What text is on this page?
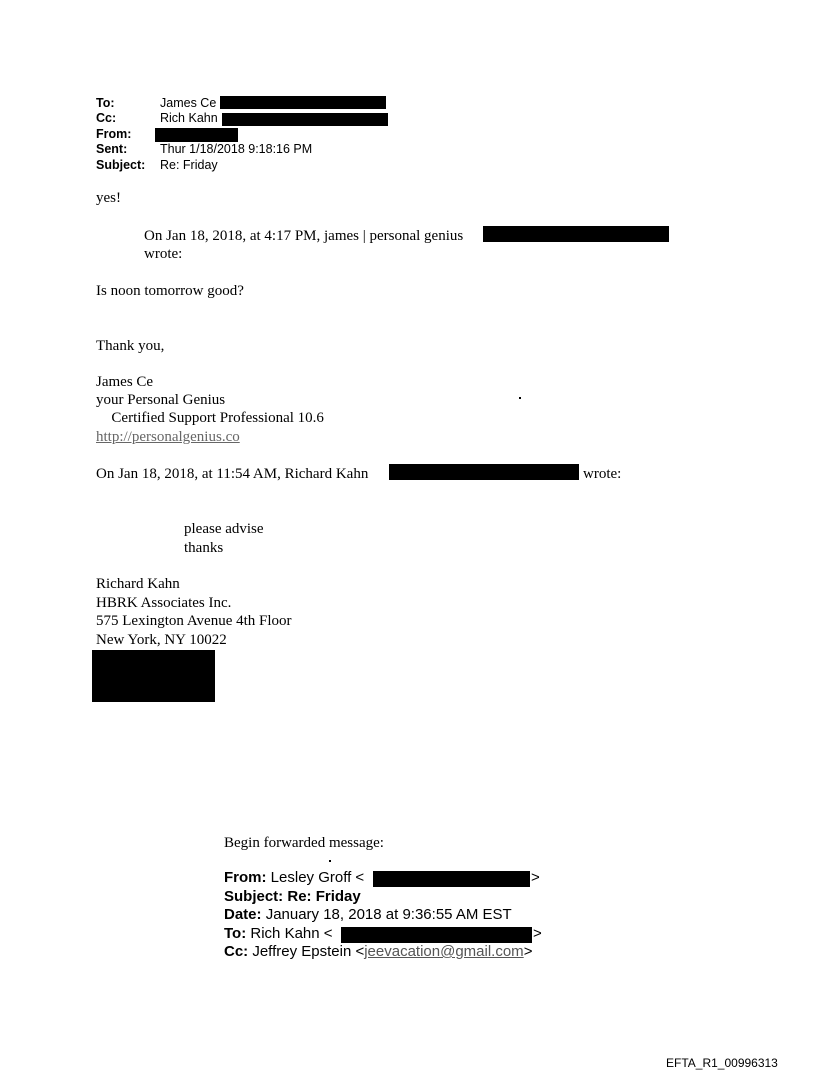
To:	James Ce
Cc:	Rich Kahn
From:
Sent:	Thur 1/18/2018 9:18:16 PM
Subject: Re: Friday
yes!
On Jan 18, 2018, at 4:17 PM, james | personal genius
wrote:
Is noon tomorrow good?
Thank you,
James Ce
your Personal Genius
Certified Support Professional 10.6
http://personalgenius.co
On Jan 18, 2018, at 11:54 AM, Richard Kahn	wrote:
please advise
thanks
Richard Kahn
HBRK Associates Inc.
575 Lexington Avenue 4th Floor
New York, NY 10022
Begin forwarded message:
From: Lesley Groff <	>
Subject: Re: Friday
Date: January 18, 2018 at 9:36:55 AM EST
To: Rich Kahn <	>
Cc: Jeffrey Epstein <jeevacation@gmail.com>
EFTA_R1_00996313
